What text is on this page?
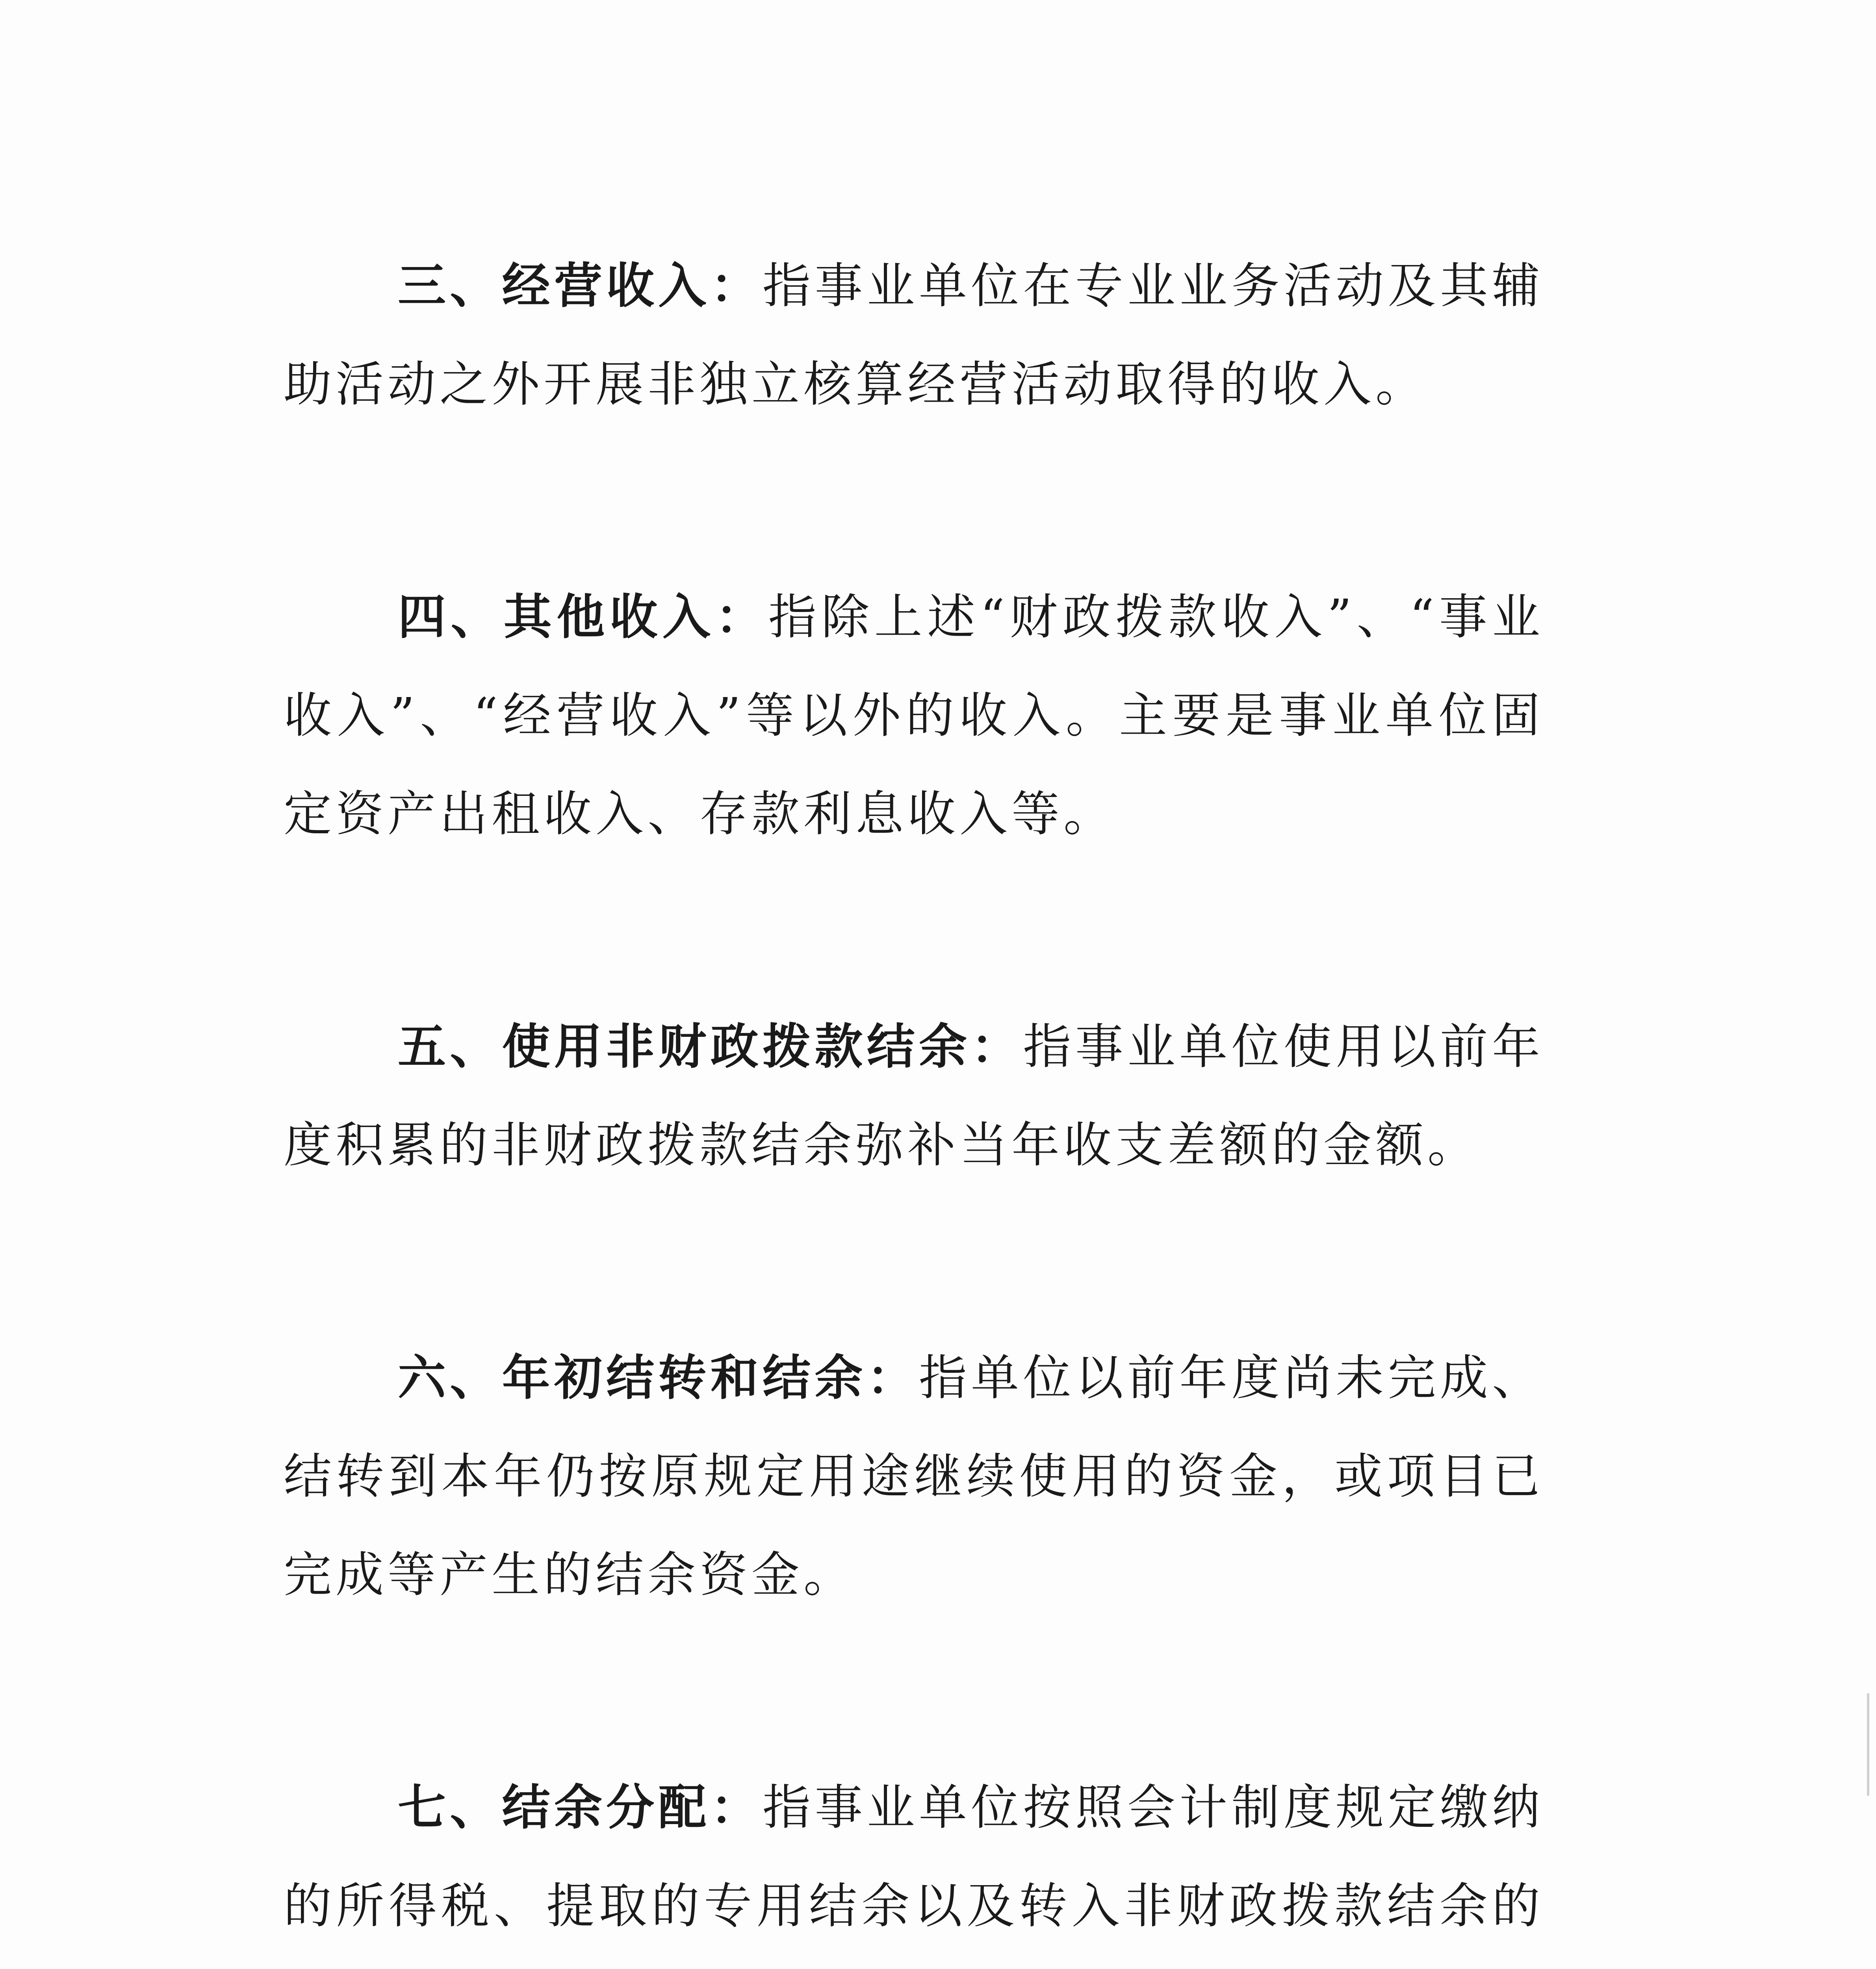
三、经营收入：指事业单位在专业业务活动及其辅助活动之外开展非独立核算经营活动取得的收入。

四、其他收入：指除上述“财政拨款收入”、“事业收入”、“经营收入”等以外的收入。主要是事业单位固定资产出租收入、存款利息收入等。

五、使用非财政拨款结余：指事业单位使用以前年度积累的非财政拨款结余弥补当年收支差额的金额。

六、年初结转和结余：指单位以前年度尚未完成、结转到本年仍按原规定用途继续使用的资金，或项目已完成等产生的结余资金。

七、结余分配：指事业单位按照会计制度规定缴纳的所得税、提取的专用结余以及转入非财政拨款结余的
